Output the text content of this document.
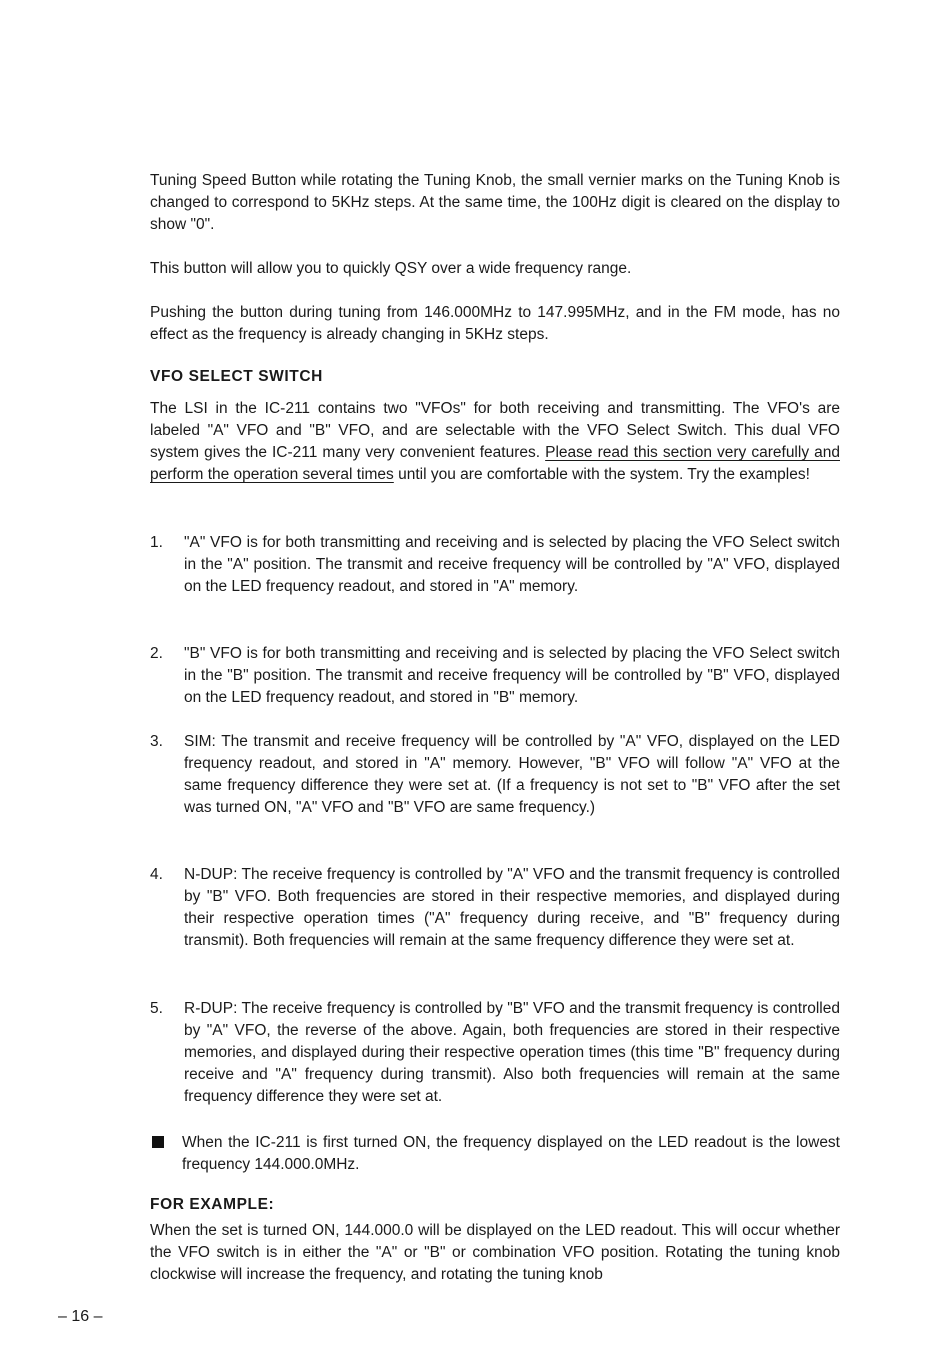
Tuning Speed Button while rotating the Tuning Knob, the small vernier marks on the Tuning Knob is changed to correspond to 5KHz steps. At the same time, the 100Hz digit is cleared on the display to show "0".

This button will allow you to quickly QSY over a wide frequency range.

Pushing the button during tuning from 146.000MHz to 147.995MHz, and in the FM mode, has no effect as the frequency is already changing in 5KHz steps.

VFO SELECT SWITCH

The LSI in the IC-211 contains two "VFOs" for both receiving and transmitting. The VFO's are labeled "A" VFO and "B" VFO, and are selectable with the VFO Select Switch. This dual VFO system gives the IC-211 many very convenient features. Please read this section very carefully and perform the operation several times until you are comfortable with the system. Try the examples!

1. "A" VFO is for both transmitting and receiving and is selected by placing the VFO Select switch in the "A" position. The transmit and receive frequency will be controlled by "A" VFO, displayed on the LED frequency readout, and stored in "A" memory.
2. "B" VFO is for both transmitting and receiving and is selected by placing the VFO Select switch in the "B" position. The transmit and receive frequency will be controlled by "B" VFO, displayed on the LED frequency readout, and stored in "B" memory.
3. SIM: The transmit and receive frequency will be controlled by "A" VFO, displayed on the LED frequency readout, and stored in "A" memory. However, "B" VFO will follow "A" VFO at the same frequency difference they were set at. (If a frequency is not set to "B" VFO after the set was turned ON, "A" VFO and "B" VFO are same frequency.)
4. N-DUP: The receive frequency is controlled by "A" VFO and the transmit frequency is controlled by "B" VFO. Both frequencies are stored in their respective memories, and displayed during their respective operation times ("A" frequency during receive, and "B" frequency during transmit). Both frequencies will remain at the same frequency difference they were set at.
5. R-DUP: The receive frequency is controlled by "B" VFO and the transmit frequency is controlled by "A" VFO, the reverse of the above. Again, both frequencies are stored in their respective memories, and displayed during their respective operation times (this time "B" frequency during receive and "A" frequency during transmit). Also both frequencies will remain at the same frequency difference they were set at.
When the IC-211 is first turned ON, the frequency displayed on the LED readout is the lowest frequency 144.000.0MHz.

FOR EXAMPLE:

When the set is turned ON, 144.000.0 will be displayed on the LED readout. This will occur whether the VFO switch is in either the "A" or "B" or combination VFO position. Rotating the tuning knob clockwise will increase the frequency, and rotating the tuning knob

– 16 –
